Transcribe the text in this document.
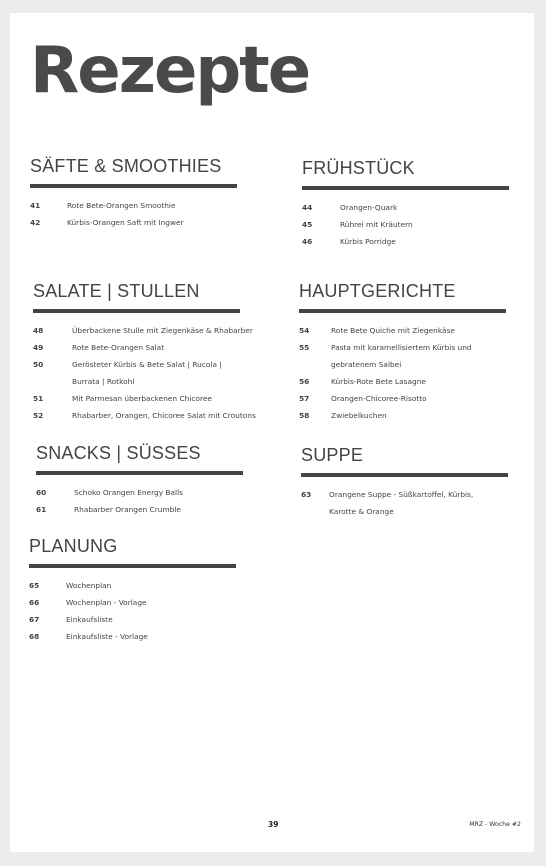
Rezepte
SÄFTE & SMOOTHIES
41	Rote Bete-Orangen Smoothie
42	Kürbis-Orangen Saft mit Ingwer
FRÜHSTÜCK
44	Orangen-Quark
45	Rührei mit Kräutern
46	Kürbis Porridge
SALATE | STULLEN
48	Überbackene Stulle mit Ziegenkäse & Rhabarber
49	Rote Bete-Orangen Salat
50	Gerösteter Kürbis & Bete Salat | Rucola |
Burrata | Rotkohl
51	Mit Parmesan überbackenen Chicoree
52	Rhabarber, Orangen, Chicoree Salat mit Croutons
HAUPTGERICHTE
54	Rote Bete Quiche mit Ziegenkäse
55	Pasta mit karamellisiertem Kürbis und
gebratenem Salbei
56	Kürbis-Rote Bete Lasagne
57	Orangen-Chicoree-Risotto
58	Zwiebelkuchen
SNACKS | SÜSSES
60	Schoko Orangen Energy Balls
61	Rhabarber Orangen Crumble
SUPPE
63	Orangene Suppe - Süßkartoffel, Kürbis,
Karotte & Orange
PLANUNG
65	Wochenplan
66	Wochenplan - Vorlage
67	Einkaufsliste
68	Einkaufsliste - Vorlage
39	MRZ - Woche #2
